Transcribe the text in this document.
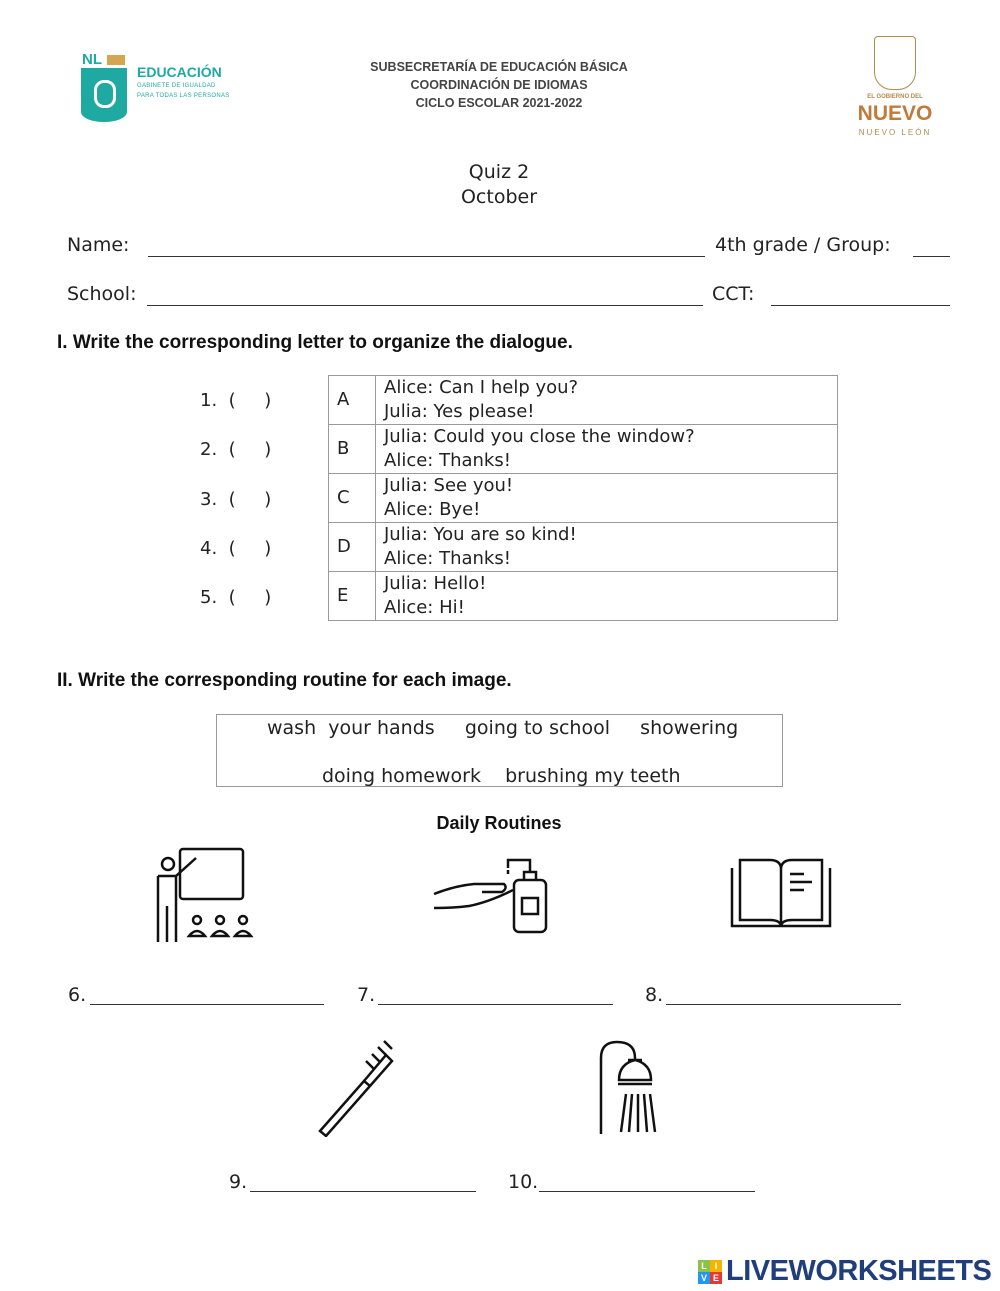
NL
EDUCACIÓN
GABINETE DE IGUALDAD
PARA TODAS LAS PERSONAS
SUBSECRETARÍA DE EDUCACIÓN BÁSICA
COORDINACIÓN DE IDIOMAS
CICLO ESCOLAR 2021-2022	EL GOBIERNO DEL
NUEVO
NUEVO LEÓN
Quiz 2
October
Name:	4th grade / Group:
School:	CCT:
I. Write the corresponding letter to organize the dialogue.
1.  (     )
2.  (     )
3.  (     )
4.  (     )
5.  (     )
A	Alice: Can I help you?
Julia: Yes please!

B	Julia: Could you close the window?
Alice: Thanks!

C	Julia: See you!
Alice: Bye!

D	Julia: You are so kind!
Alice: Thanks!

E	Julia: Hello!
Alice: Hi!
II. Write the corresponding routine for each image.
wash  your hands     going to school     showering
doing homework    brushing my teeth
Daily Routines
6.	7.	8.
9.	10.
L I
V E LIVEWORKSHEETS
